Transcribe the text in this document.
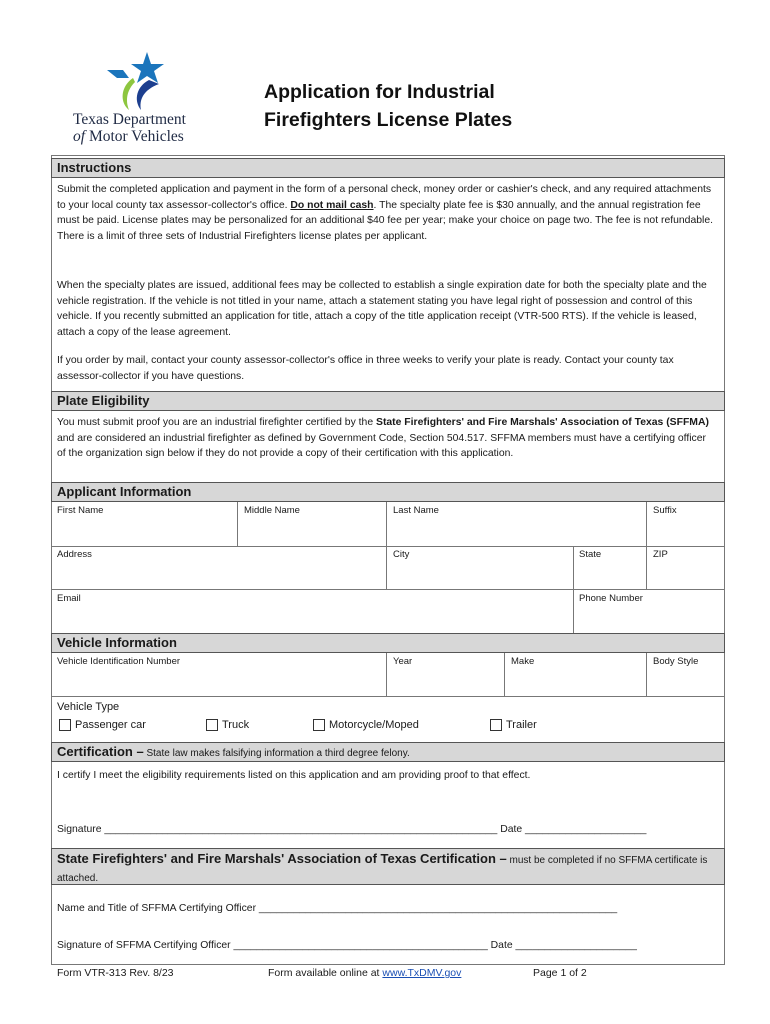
Texas Department
of Motor Vehicles
Application for Industrial
Firefighters License Plates
Instructions
Submit the completed application and payment in the form of a personal check, money order or cashier's check, and any required attachments to your local county tax assessor-collector's office. Do not mail cash. The specialty plate fee is $30 annually, and the annual registration fee must be paid. License plates may be personalized for an additional $40 fee per year; make your choice on page two. The fee is not refundable. There is a limit of three sets of Industrial Firefighters license plates per applicant.
When the specialty plates are issued, additional fees may be collected to establish a single expiration date for both the specialty plate and the vehicle registration. If the vehicle is not titled in your name, attach a statement stating you have legal right of possession and control of this vehicle. If you recently submitted an application for title, attach a copy of the title application receipt (VTR-500 RTS). If the vehicle is leased, attach a copy of the lease agreement.
If you order by mail, contact your county assessor-collector's office in three weeks to verify your plate is ready. Contact your county tax assessor-collector if you have questions.
Plate Eligibility
You must submit proof you are an industrial firefighter certified by the State Firefighters' and Fire Marshals' Association of Texas (SFFMA) and are considered an industrial firefighter as defined by Government Code, Section 504.517. SFFMA members must have a certifying officer of the organization sign below if they do not provide a copy of their certification with this application.
Applicant Information
First Name	Middle Name	Last Name	Suffix
Address	City	State	ZIP
Email	Phone Number
Vehicle Information
Vehicle Identification Number	Year	Make	Body Style
Vehicle Type
Passenger car	Truck	Motorcycle/Moped	Trailer
Certification – State law makes falsifying information a third degree felony.
I certify I meet the eligibility requirements listed on this application and am providing proof to that effect.
Signature ____________________________________________________________________ Date _____________________
State Firefighters' and Fire Marshals' Association of Texas Certification – must be completed if no SFFMA certificate is attached.
Name and Title of SFFMA Certifying Officer ______________________________________________________________
Signature of SFFMA Certifying Officer ____________________________________________ Date _____________________
Form VTR-313 Rev. 8/23	Form available online at www.TxDMV.gov	Page 1 of 2
